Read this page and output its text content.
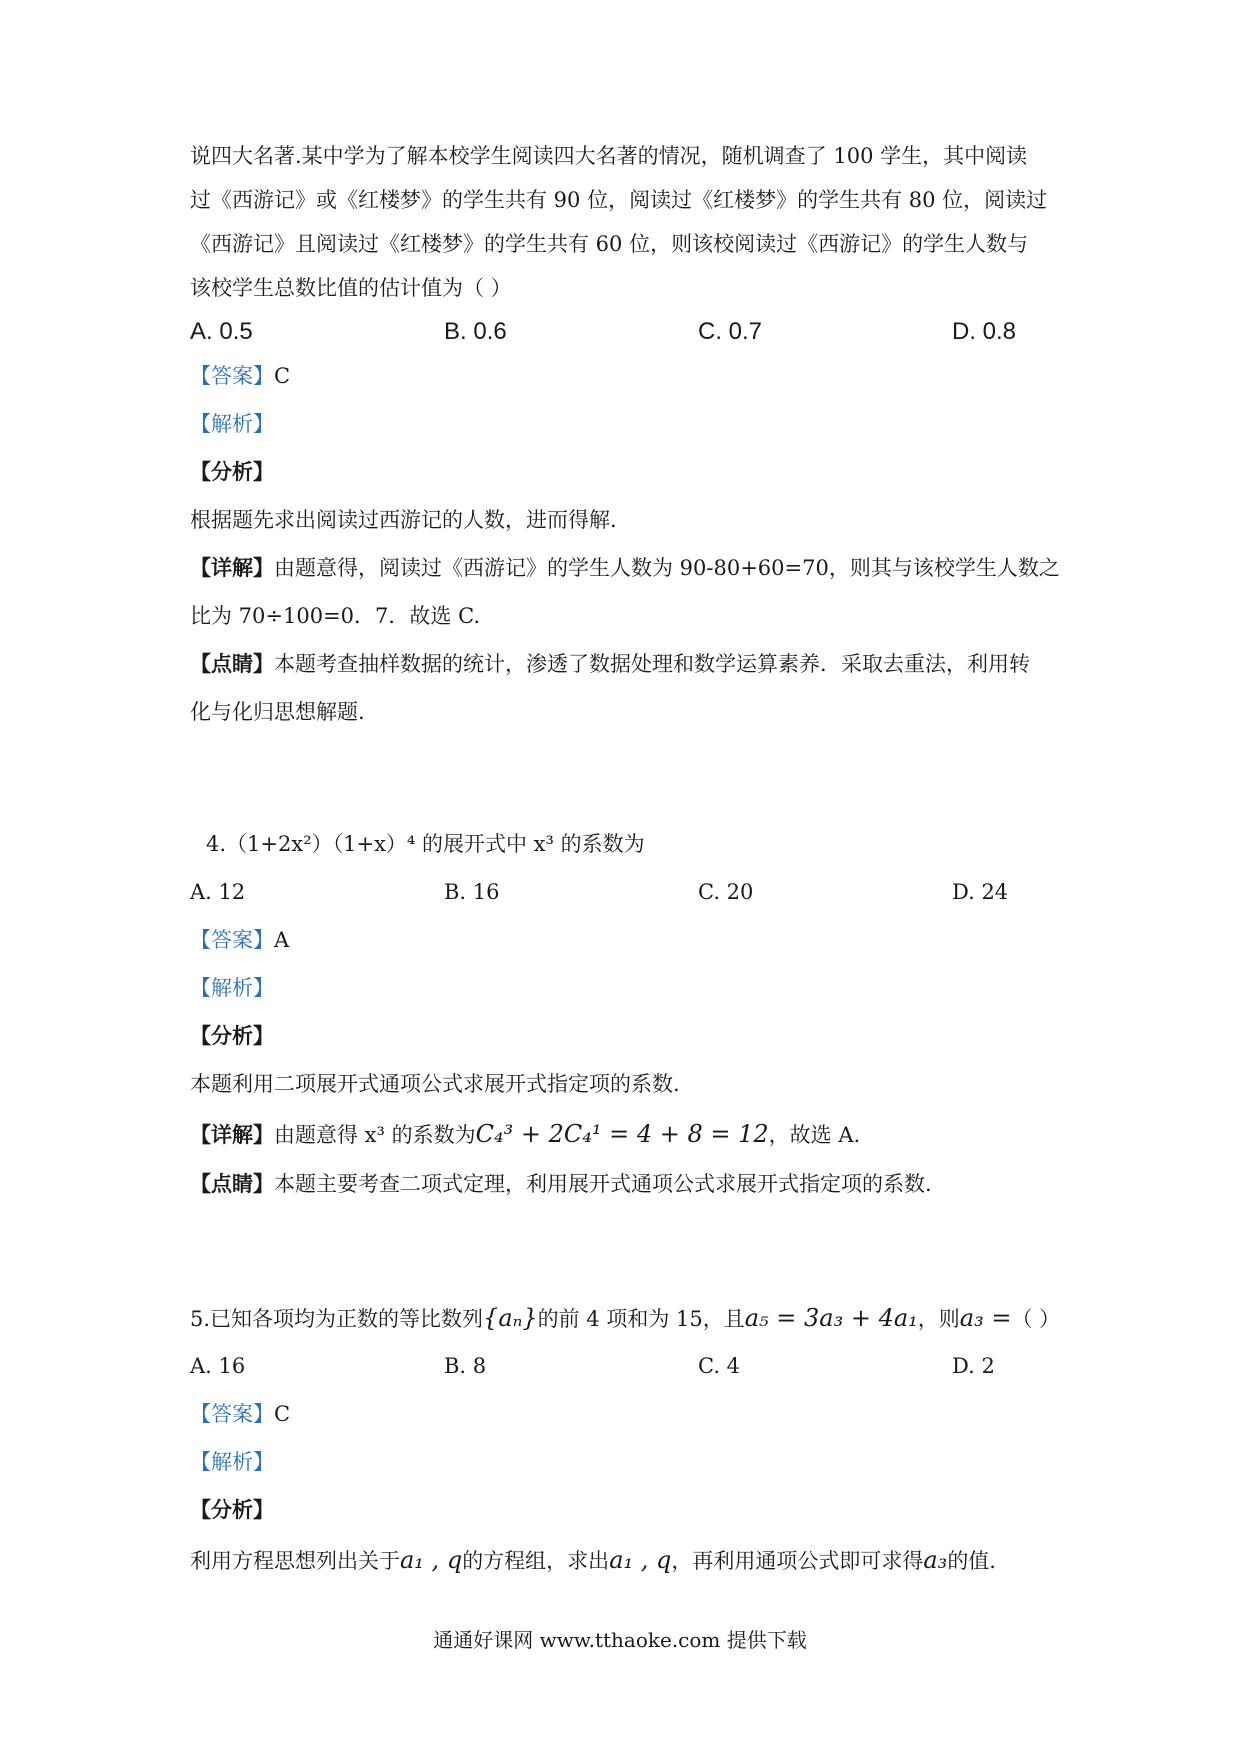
说四大名著.某中学为了解本校学生阅读四大名著的情况，随机调查了 100 学生，其中阅读
过《西游记》或《红楼梦》的学生共有 90 位，阅读过《红楼梦》的学生共有 80 位，阅读过
《西游记》且阅读过《红楼梦》的学生共有 60 位，则该校阅读过《西游记》的学生人数与
该校学生总数比值的估计值为（ ）
A. 0.5	B. 0.6	C. 0.7	D. 0.8
【答案】C
【解析】
【分析】
根据题先求出阅读过西游记的人数，进而得解.
【详解】由题意得，阅读过《西游记》的学生人数为 90-80+60=70，则其与该校学生人数之
比为 70÷100=0．7．故选 C.
【点睛】本题考查抽样数据的统计，渗透了数据处理和数学运算素养．采取去重法，利用转
化与化归思想解题.
4.（1+2x²）（1+x）⁴ 的展开式中 x³ 的系数为
A. 12	B. 16	C. 20	D. 24
【答案】A
【解析】
【分析】
本题利用二项展开式通项公式求展开式指定项的系数.
【详解】由题意得 x³ 的系数为C₄³ + 2C₄¹ = 4 + 8 = 12，故选 A.
【点睛】本题主要考查二项式定理，利用展开式通项公式求展开式指定项的系数.
5.已知各项均为正数的等比数列{aₙ}的前 4 项和为 15，且a₅ = 3a₃ + 4a₁，则a₃ =（ ）
A. 16	B. 8	C. 4	D. 2
【答案】C
【解析】
【分析】
利用方程思想列出关于a₁ , q的方程组，求出a₁ , q，再利用通项公式即可求得a₃的值.
通通好课网 www.tthaoke.com 提供下载
